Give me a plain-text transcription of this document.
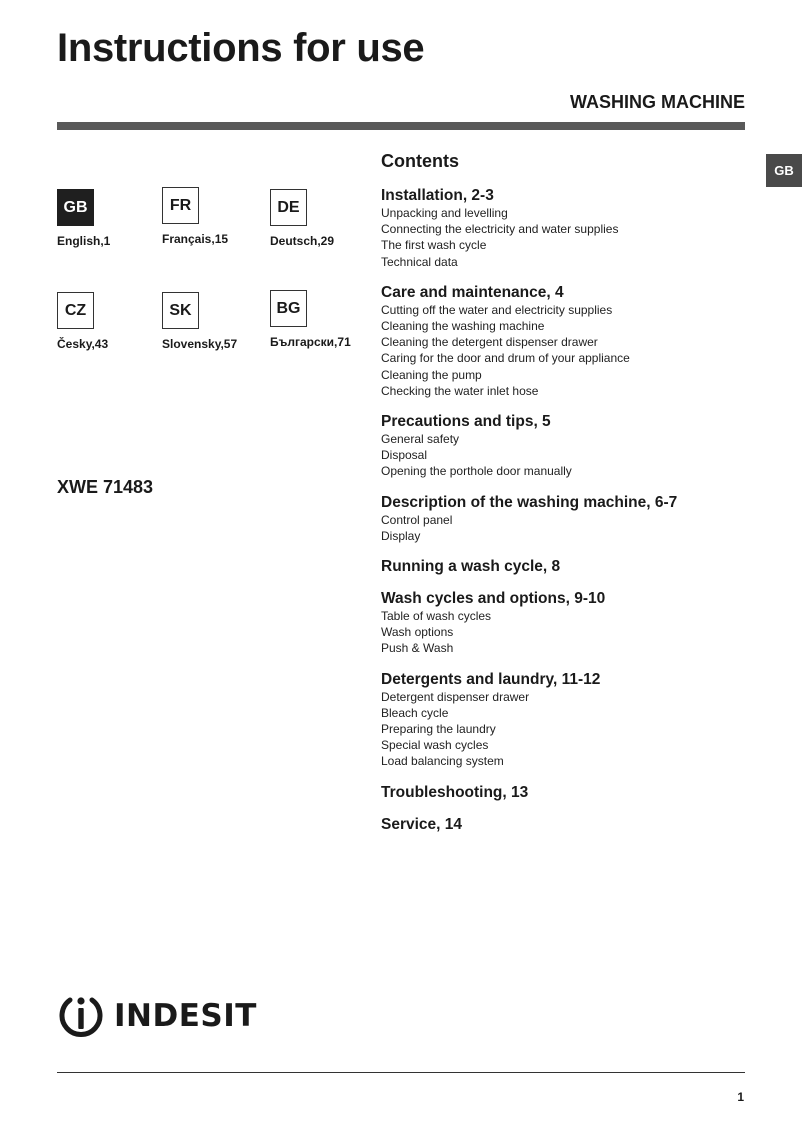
Instructions for use
WASHING MACHINE
GB
GB
English,1
FR
Français,15
DE
Deutsch,29
CZ
Česky,43
SK
Slovensky,57
BG
Български,71
XWE 71483
Contents
Installation, 2-3
Unpacking and levelling
Connecting the electricity and water supplies
The first wash cycle
Technical data
Care and maintenance, 4
Cutting off the water and electricity supplies
Cleaning the washing machine
Cleaning the detergent dispenser drawer
Caring for the door and drum of your appliance
Cleaning the pump
Checking the water inlet hose
Precautions and tips, 5
General safety
Disposal
Opening the porthole door manually
Description of the washing machine, 6-7
Control panel
Display
Running a wash cycle, 8
Wash cycles and options, 9-10
Table of wash cycles
Wash options
Push & Wash
Detergents and laundry, 11-12
Detergent dispenser drawer
Bleach cycle
Preparing the laundry
Special wash cycles
Load balancing system
Troubleshooting, 13
Service, 14
INDESIT
1
